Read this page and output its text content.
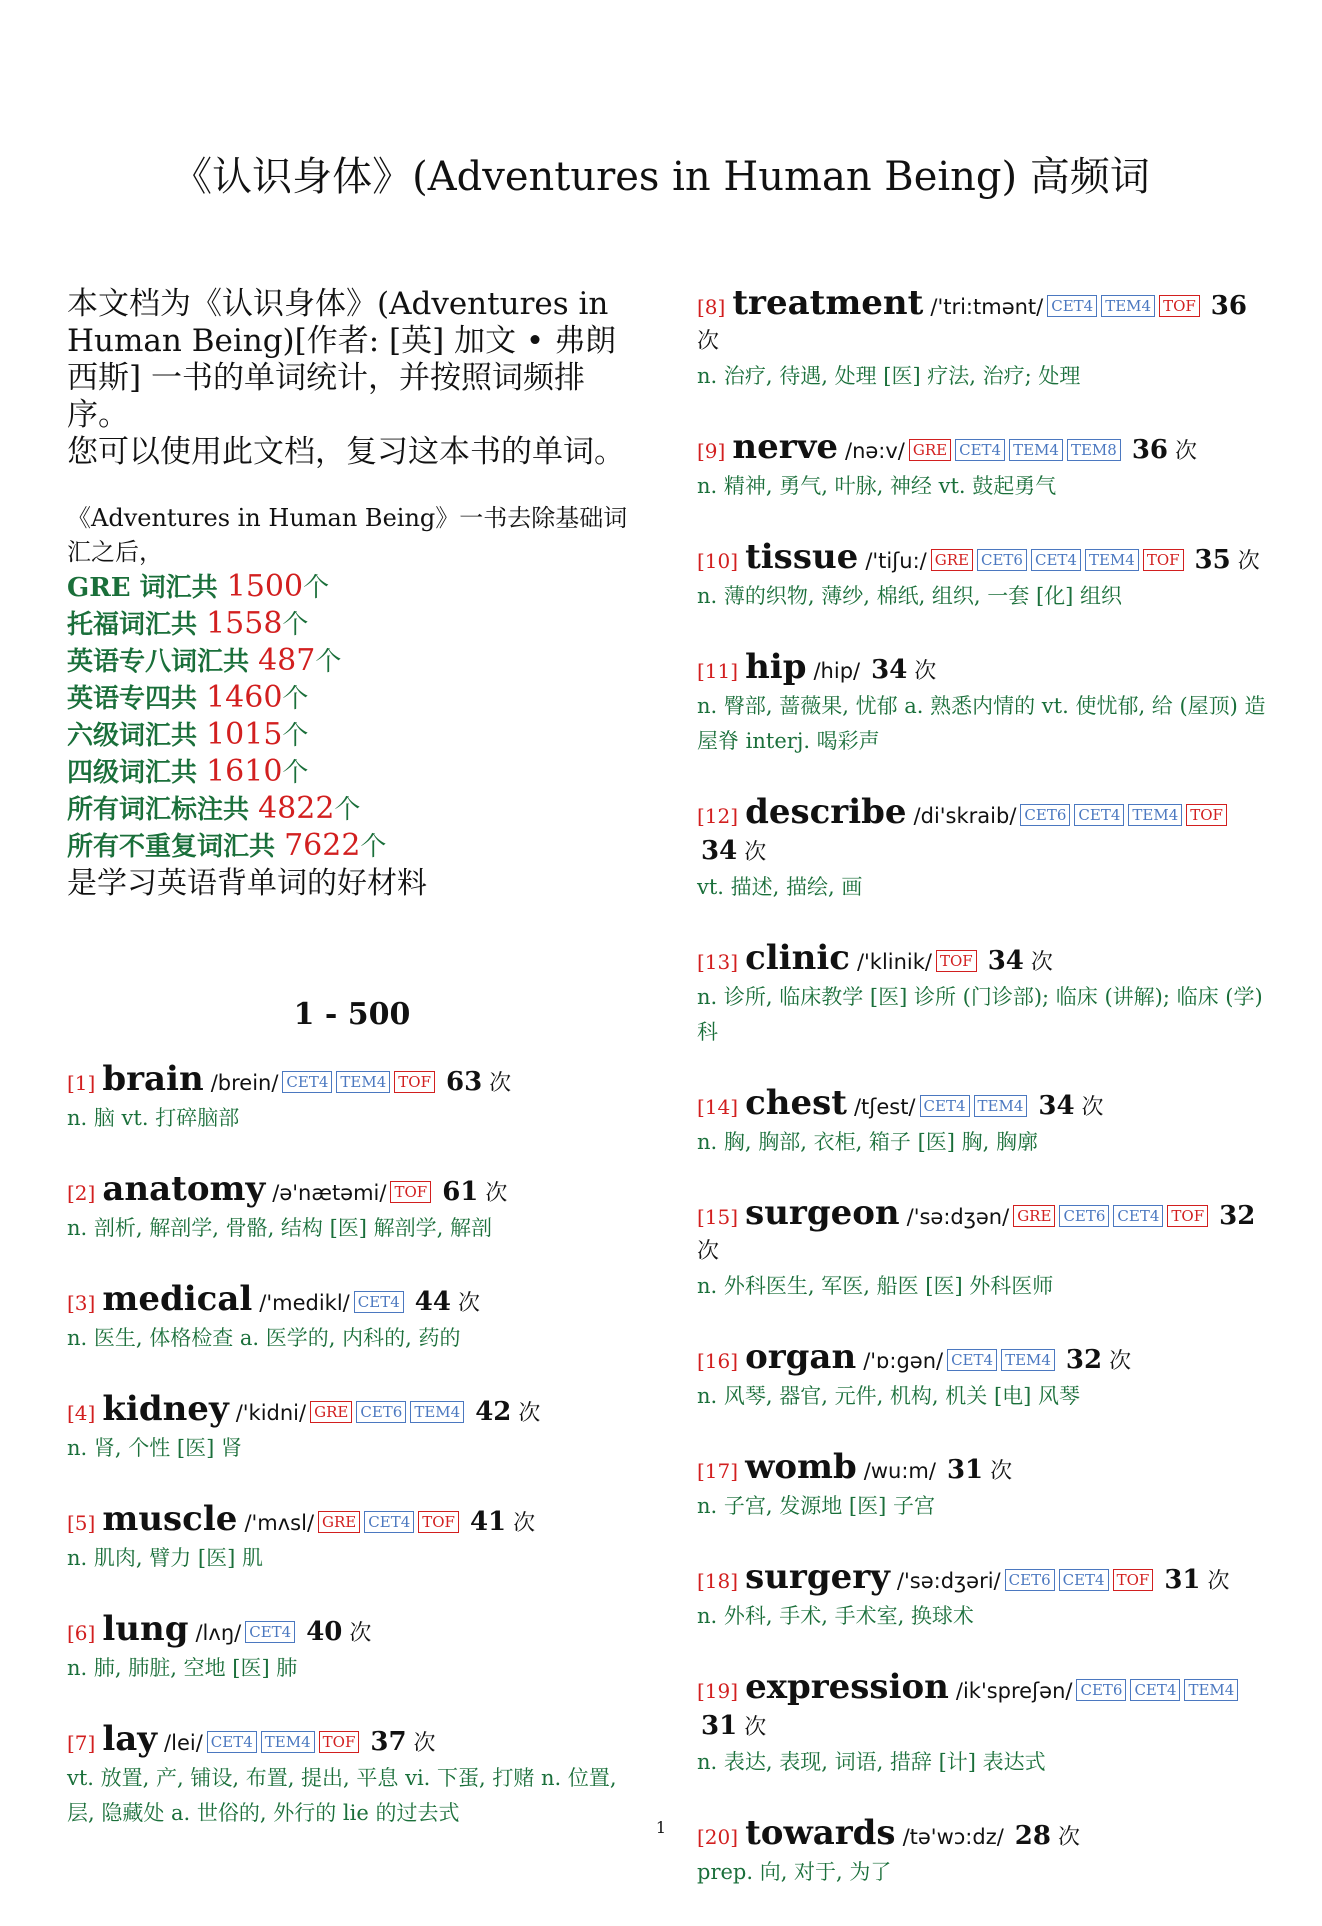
《认识身体》(Adventures in Human Being) 高频词
本文档为《认识身体》(Adventures in Human Being)[作者: [英] 加文 • 弗朗西斯] 一书的单词统计，并按照词频排序。
您可以使用此文档，复习这本书的单词。
《Adventures in Human Being》一书去除基础词汇之后，
GRE 词汇共 1500个
托福词汇共 1558个
英语专八词汇共 487个
英语专四共 1460个
六级词汇共 1015个
四级词汇共 1610个
所有词汇标注共 4822个
所有不重复词汇共 7622个
是学习英语背单词的好材料
1 - 500
[1] brain /brein/ CET4 TEM4 TOF 63 次
n. 脑 vt. 打碎脑部
[2] anatomy /ə'nætəmi/ TOF 61 次
n. 剖析, 解剖学, 骨骼, 结构 [医] 解剖学, 解剖
[3] medical /'medikl/ CET4 44 次
n. 医生, 体格检查 a. 医学的, 内科的, 药的
[4] kidney /'kidni/ GRE CET6 TEM4 42 次
n. 肾, 个性 [医] 肾
[5] muscle /'mʌsl/ GRE CET4 TOF 41 次
n. 肌肉, 臂力 [医] 肌
[6] lung /lʌŋ/ CET4 40 次
n. 肺, 肺脏, 空地 [医] 肺
[7] lay /lei/ CET4 TEM4 TOF 37 次
vt. 放置, 产, 铺设, 布置, 提出, 平息 vi. 下蛋, 打赌 n. 位置, 层, 隐藏处 a. 世俗的, 外行的 lie 的过去式
[8] treatment /'tri:tmənt/ CET4 TEM4 TOF 36 次
n. 治疗, 待遇, 处理 [医] 疗法, 治疗; 处理
[9] nerve /nə:v/ GRE CET4 TEM4 TEM8 36 次
n. 精神, 勇气, 叶脉, 神经 vt. 鼓起勇气
[10] tissue /'tiʃu:/ GRE CET6 CET4 TEM4 TOF 35 次
n. 薄的织物, 薄纱, 棉纸, 组织, 一套 [化] 组织
[11] hip /hip/ 34 次
n. 臀部, 蔷薇果, 忧郁 a. 熟悉内情的 vt. 使忧郁, 给 (屋顶) 造屋脊 interj. 喝彩声
[12] describe /di'skraib/ CET6 CET4 TEM4 TOF 34 次
vt. 描述, 描绘, 画
[13] clinic /'klinik/ TOF 34 次
n. 诊所, 临床教学 [医] 诊所 (门诊部); 临床 (讲解); 临床 (学) 科
[14] chest /tʃest/ CET4 TEM4 34 次
n. 胸, 胸部, 衣柜, 箱子 [医] 胸, 胸廓
[15] surgeon /'sə:dʒən/ GRE CET6 CET4 TOF 32 次
n. 外科医生, 军医, 船医 [医] 外科医师
[16] organ /'ɒ:gən/ CET4 TEM4 32 次
n. 风琴, 器官, 元件, 机构, 机关 [电] 风琴
[17] womb /wu:m/ 31 次
n. 子宫, 发源地 [医] 子宫
[18] surgery /'sə:dʒəri/ CET6 CET4 TOF 31 次
n. 外科, 手术, 手术室, 换球术
[19] expression /ik'spreʃən/ CET6 CET4 TEM4 31 次
n. 表达, 表现, 词语, 措辞 [计] 表达式
[20] towards /tə'wɔ:dz/ 28 次
prep. 向, 对于, 为了
1
